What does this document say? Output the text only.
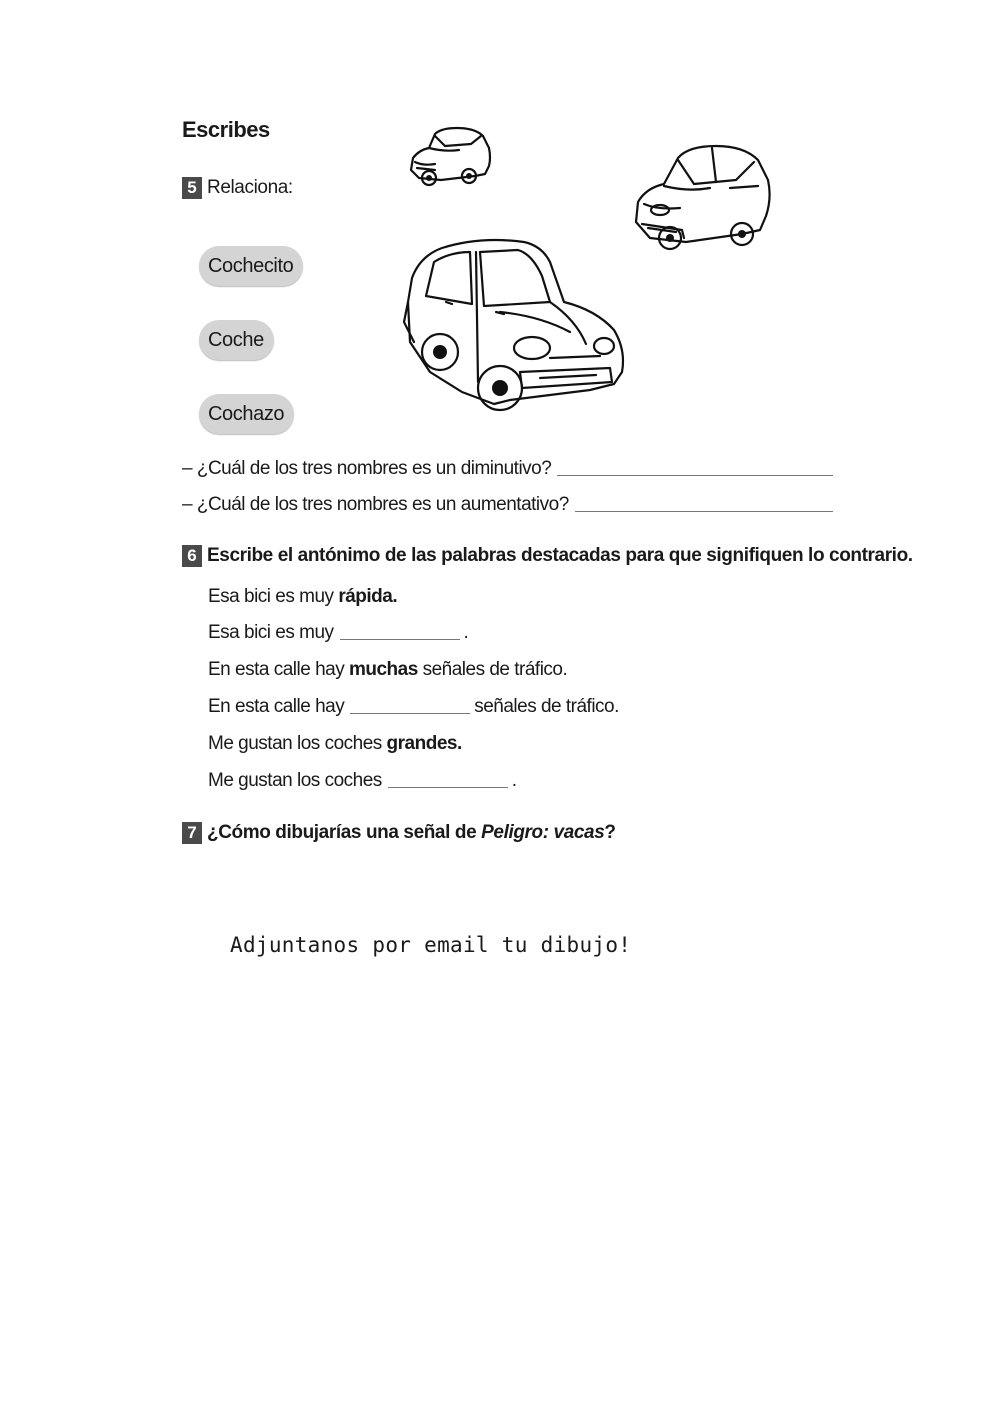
Escribes
5 Relaciona:
Cochecito
Coche
Cochazo
– ¿Cuál de los tres nombres es un diminutivo?
– ¿Cuál de los tres nombres es un aumentativo?
6 Escribe el antónimo de las palabras destacadas para que signifiquen lo contrario.
Esa bici es muy rápida.
Esa bici es muy	.
En esta calle hay muchas señales de tráfico.
En esta calle hay	señales de tráfico.
Me gustan los coches grandes.
Me gustan los coches	.
7 ¿Cómo dibujarías una señal de Peligro: vacas?
Adjuntanos por email tu dibujo!
